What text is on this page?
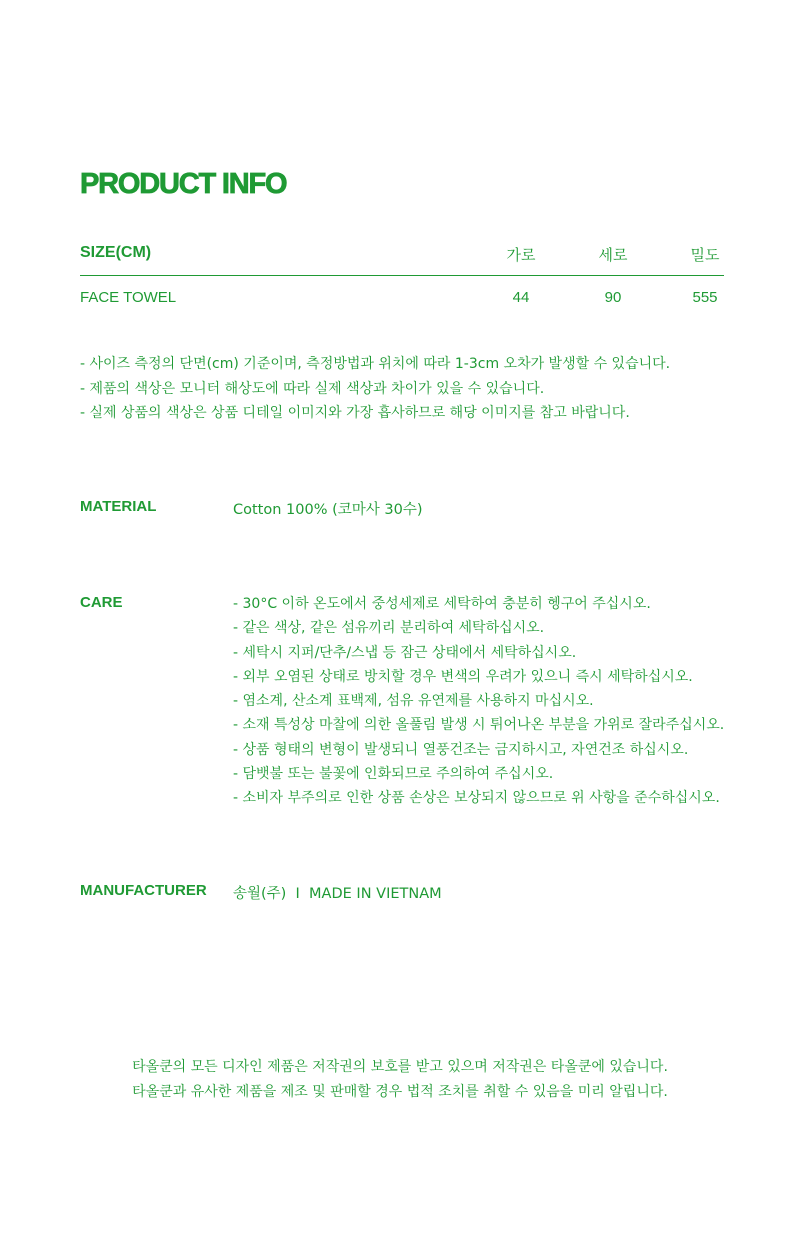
PRODUCT INFO
SIZE(CM)	가로	세로	밀도
FACE TOWEL	44	90	555
- 사이즈 측정의 단면(cm) 기준이며, 측정방법과 위치에 따라 1-3cm 오차가 발생할 수 있습니다.
- 제품의 색상은 모니터 해상도에 따라 실제 색상과 차이가 있을 수 있습니다.
- 실제 상품의 색상은 상품 디테일 이미지와 가장 흡사하므로 해당 이미지를 참고 바랍니다.
MATERIAL	Cotton 100% (코마사 30수)
CARE	- 30°C 이하 온도에서 중성세제로 세탁하여 충분히 헹구어 주십시오.
- 같은 색상, 같은 섬유끼리 분리하여 세탁하십시오.
- 세탁시 지퍼/단추/스냅 등 잠근 상태에서 세탁하십시오.
- 외부 오염된 상태로 방치할 경우 변색의 우려가 있으니 즉시 세탁하십시오.
- 염소계, 산소계 표백제, 섬유 유연제를 사용하지 마십시오.
- 소재 특성상 마찰에 의한 올풀림 발생 시 튀어나온 부분을 가위로 잘라주십시오.
- 상품 형태의 변형이 발생되니 열풍건조는 금지하시고, 자연건조 하십시오.
- 담뱃불 또는 불꽃에 인화되므로 주의하여 주십시오.
- 소비자 부주의로 인한 상품 손상은 보상되지 않으므로 위 사항을 준수하십시오.
MANUFACTURER 송월(주)  I  MADE IN VIETNAM
타올쿤의 모든 디자인 제품은 저작권의 보호를 받고 있으며 저작권은 타올쿤에 있습니다.
타올쿤과 유사한 제품을 제조 및 판매할 경우 법적 조치를 취할 수 있음을 미리 알립니다.
